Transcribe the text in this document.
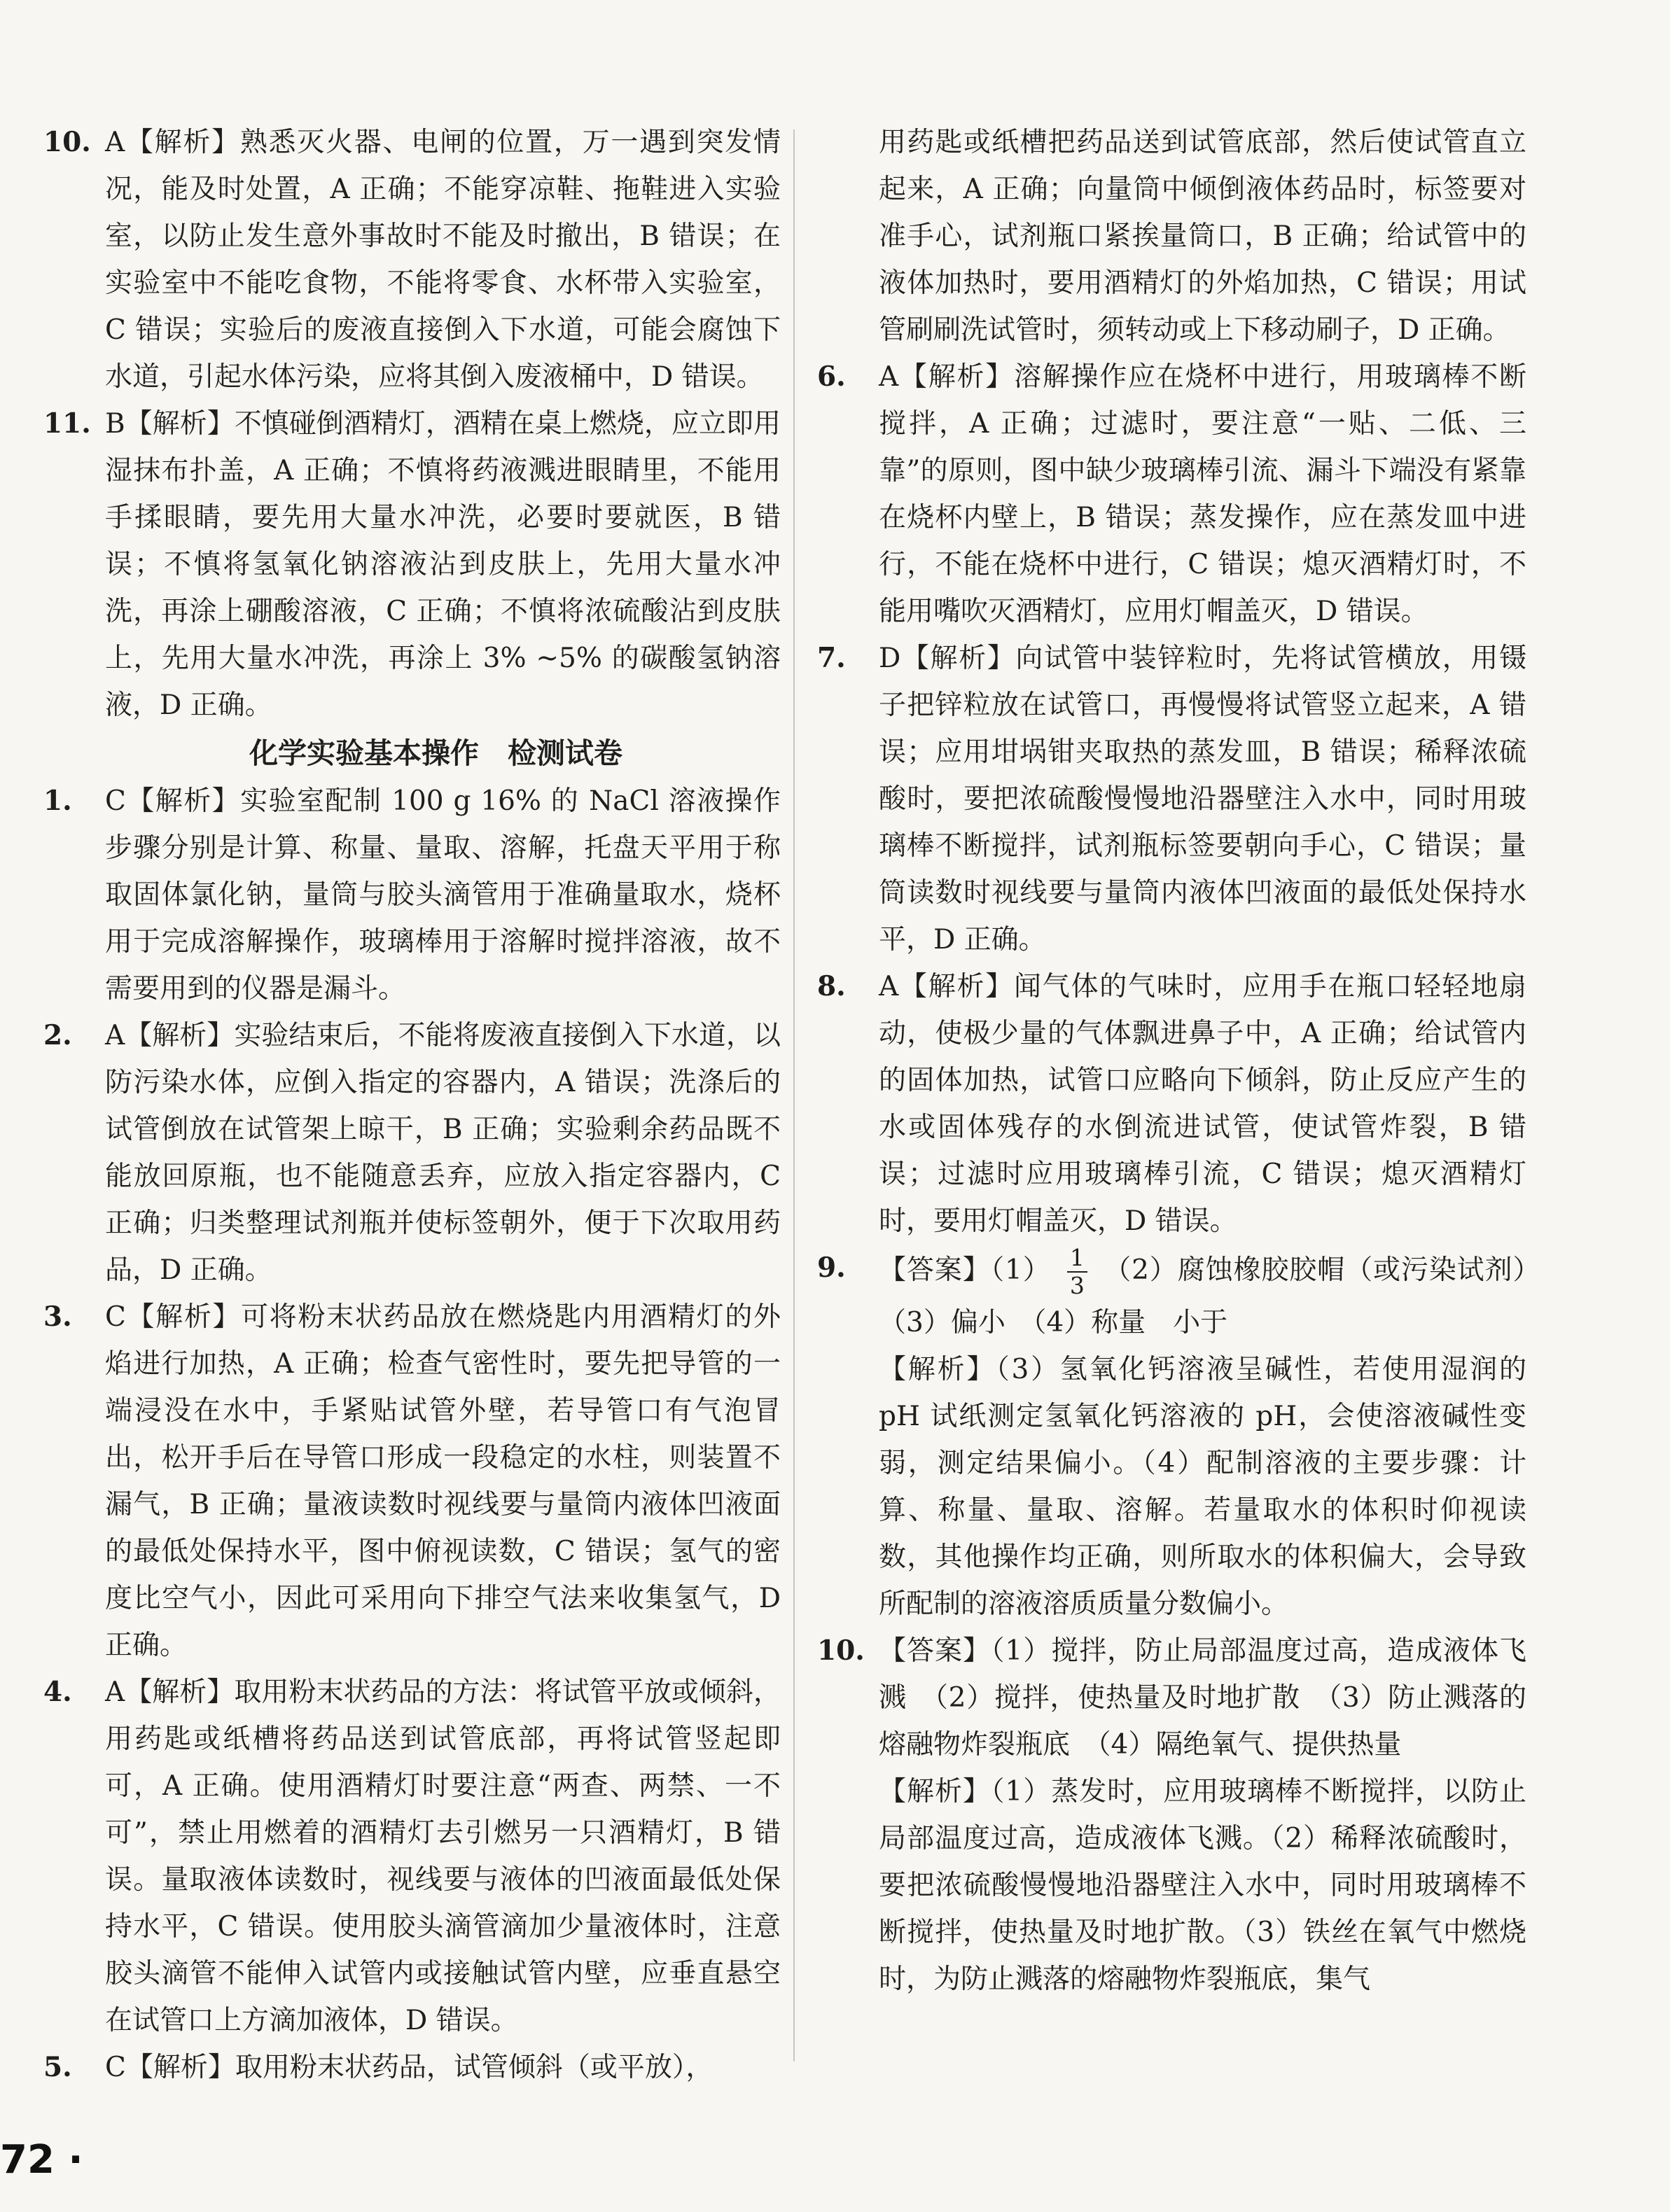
10. A【解析】熟悉灭火器、电闸的位置，万一遇到突发情况，能及时处置，A 正确；不能穿凉鞋、拖鞋进入实验室，以防止发生意外事故时不能及时撤出，B 错误；在实验室中不能吃食物，不能将零食、水杯带入实验室，C 错误；实验后的废液直接倒入下水道，可能会腐蚀下水道，引起水体污染，应将其倒入废液桶中，D 错误。
11. B【解析】不慎碰倒酒精灯，酒精在桌上燃烧，应立即用湿抹布扑盖，A 正确；不慎将药液溅进眼睛里，不能用手揉眼睛，要先用大量水冲洗，必要时要就医，B 错误；不慎将氢氧化钠溶液沾到皮肤上，先用大量水冲洗，再涂上硼酸溶液，C 正确；不慎将浓硫酸沾到皮肤上，先用大量水冲洗，再涂上 3% ~5% 的碳酸氢钠溶液，D 正确。
化学实验基本操作　检测试卷
1. C【解析】实验室配制 100 g 16% 的 NaCl 溶液操作步骤分别是计算、称量、量取、溶解，托盘天平用于称取固体氯化钠，量筒与胶头滴管用于准确量取水，烧杯用于完成溶解操作，玻璃棒用于溶解时搅拌溶液，故不需要用到的仪器是漏斗。
2. A【解析】实验结束后，不能将废液直接倒入下水道，以防污染水体，应倒入指定的容器内，A 错误；洗涤后的试管倒放在试管架上晾干，B 正确；实验剩余药品既不能放回原瓶，也不能随意丢弃，应放入指定容器内，C 正确；归类整理试剂瓶并使标签朝外，便于下次取用药品，D 正确。
3. C【解析】可将粉末状药品放在燃烧匙内用酒精灯的外焰进行加热，A 正确；检查气密性时，要先把导管的一端浸没在水中，手紧贴试管外壁，若导管口有气泡冒出，松开手后在导管口形成一段稳定的水柱，则装置不漏气，B 正确；量液读数时视线要与量筒内液体凹液面的最低处保持水平，图中俯视读数，C 错误；氢气的密度比空气小，因此可采用向下排空气法来收集氢气，D 正确。
4. A【解析】取用粉末状药品的方法：将试管平放或倾斜，用药匙或纸槽将药品送到试管底部，再将试管竖起即可，A 正确。使用酒精灯时要注意“两查、两禁、一不可”，禁止用燃着的酒精灯去引燃另一只酒精灯，B 错误。量取液体读数时，视线要与液体的凹液面最低处保持水平，C 错误。使用胶头滴管滴加少量液体时，注意胶头滴管不能伸入试管内或接触试管内壁，应垂直悬空在试管口上方滴加液体，D 错误。
5. C【解析】取用粉末状药品，试管倾斜（或平放），
用药匙或纸槽把药品送到试管底部，然后使试管直立起来，A 正确；向量筒中倾倒液体药品时，标签要对准手心，试剂瓶口紧挨量筒口，B 正确；给试管中的液体加热时，要用酒精灯的外焰加热，C 错误；用试管刷刷洗试管时，须转动或上下移动刷子，D 正确。
6. A【解析】溶解操作应在烧杯中进行，用玻璃棒不断搅拌，A 正确；过滤时，要注意“一贴、二低、三靠”的原则，图中缺少玻璃棒引流、漏斗下端没有紧靠在烧杯内壁上，B 错误；蒸发操作，应在蒸发皿中进行，不能在烧杯中进行，C 错误；熄灭酒精灯时，不能用嘴吹灭酒精灯，应用灯帽盖灭，D 错误。
7. D【解析】向试管中装锌粒时，先将试管横放，用镊子把锌粒放在试管口，再慢慢将试管竖立起来，A 错误；应用坩埚钳夹取热的蒸发皿，B 错误；稀释浓硫酸时，要把浓硫酸慢慢地沿器壁注入水中，同时用玻璃棒不断搅拌，试剂瓶标签要朝向手心，C 错误；量筒读数时视线要与量筒内液体凹液面的最低处保持水平，D 正确。
8. A【解析】闻气体的气味时，应用手在瓶口轻轻地扇动，使极少量的气体飘进鼻子中，A 正确；给试管内的固体加热，试管口应略向下倾斜，防止反应产生的水或固体残存的水倒流进试管，使试管炸裂，B 错误；过滤时应用玻璃棒引流，C 错误；熄灭酒精灯时，要用灯帽盖灭，D 错误。
9. 【答案】$(1) \frac{1}{3} (2)$腐蚀橡胶胶帽（或污染试剂）　（3）偏小　（4）称量　小于
【解析】（3）氢氧化钙溶液呈碱性，若使用湿润的 pH 试纸测定氢氧化钙溶液的 pH，会使溶液碱性变弱，测定结果偏小。（4）配制溶液的主要步骤：计算、称量、量取、溶解。若量取水的体积时仰视读数，其他操作均正确，则所取水的体积偏大，会导致所配制的溶液溶质质量分数偏小。
10. 【答案】（1）搅拌，防止局部温度过高，造成液体飞溅　（2）搅拌，使热量及时地扩散　（3）防止溅落的熔融物炸裂瓶底　（4）隔绝氧气、提供热量
【解析】（1）蒸发时，应用玻璃棒不断搅拌，以防止局部温度过高，造成液体飞溅。（2）稀释浓硫酸时，要把浓硫酸慢慢地沿器壁注入水中，同时用玻璃棒不断搅拌，使热量及时地扩散。（3）铁丝在氧气中燃烧时，为防止溅落的熔融物炸裂瓶底，集气
72 ·
